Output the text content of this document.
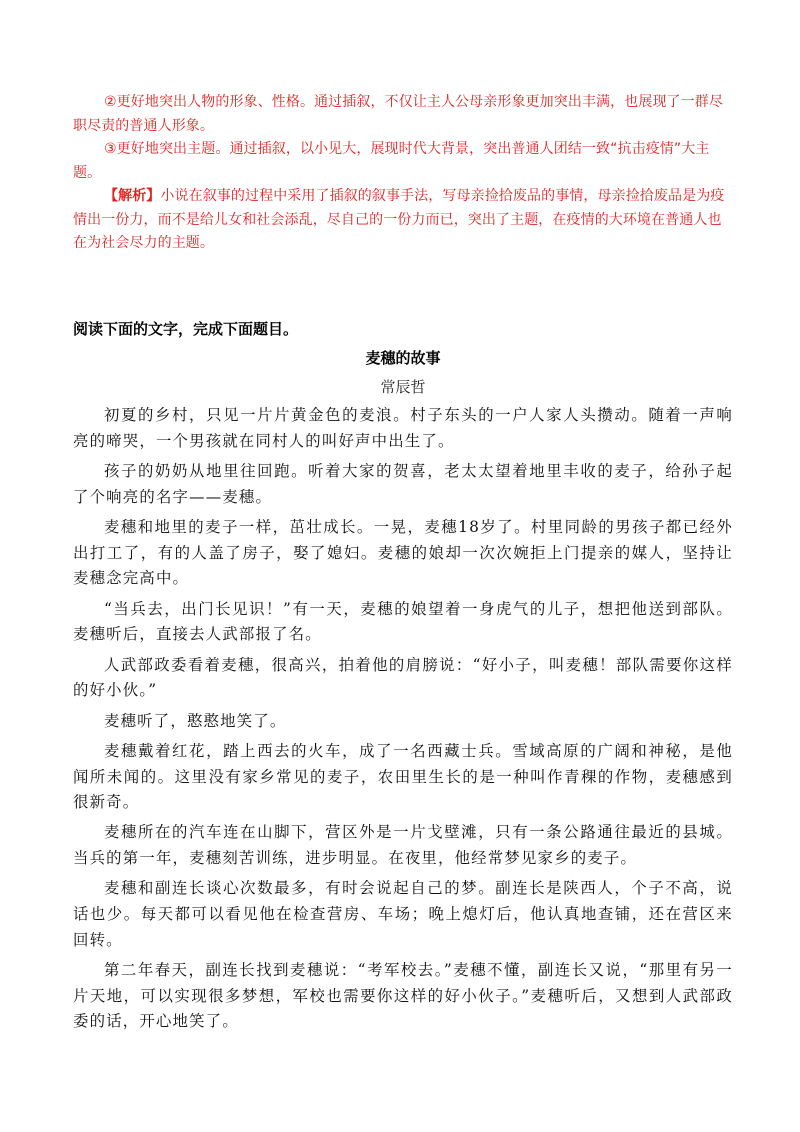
②更好地突出人物的形象、性格。通过插叙，不仅让主人公母亲形象更加突出丰满，也展现了一群尽职尽责的普通人形象。

③更好地突出主题。通过插叙，以小见大，展现时代大背景，突出普通人团结一致“抗击疫情”大主题。

【解析】小说在叙事的过程中采用了插叙的叙事手法，写母亲捡拾废品的事情，母亲捡拾废品是为疫情出一份力，而不是给儿女和社会添乱，尽自己的一份力而已，突出了主题，在疫情的大环境在普通人也在为社会尽力的主题。

阅读下面的文字，完成下面题目。

麦穗的故事

常辰哲

初夏的乡村，只见一片片黄金色的麦浪。村子东头的一户人家人头攒动。随着一声响亮的啼哭，一个男孩就在同村人的叫好声中出生了。

孩子的奶奶从地里往回跑。听着大家的贺喜，老太太望着地里丰收的麦子，给孙子起了个响亮的名字——麦穗。

麦穗和地里的麦子一样，茁壮成长。一晃，麦穗18岁了。村里同龄的男孩子都已经外出打工了，有的人盖了房子，娶了媳妇。麦穗的娘却一次次婉拒上门提亲的媒人，坚持让麦穗念完高中。

“当兵去，出门长见识！”有一天，麦穗的娘望着一身虎气的儿子，想把他送到部队。麦穗听后，直接去人武部报了名。

人武部政委看着麦穗，很高兴，拍着他的肩膀说：“好小子，叫麦穗！部队需要你这样的好小伙。”

麦穗听了，憨憨地笑了。

麦穗戴着红花，踏上西去的火车，成了一名西藏士兵。雪域高原的广阔和神秘，是他闻所未闻的。这里没有家乡常见的麦子，农田里生长的是一种叫作青稞的作物，麦穗感到很新奇。

麦穗所在的汽车连在山脚下，营区外是一片戈壁滩，只有一条公路通往最近的县城。当兵的第一年，麦穗刻苦训练，进步明显。在夜里，他经常梦见家乡的麦子。

麦穗和副连长谈心次数最多，有时会说起自己的梦。副连长是陕西人，个子不高，说话也少。每天都可以看见他在检查营房、车场；晚上熄灯后，他认真地查铺，还在营区来回转。

第二年春天，副连长找到麦穗说：“考军校去。”麦穗不懂，副连长又说，“那里有另一片天地，可以实现很多梦想，军校也需要你这样的好小伙子。”麦穗听后，又想到人武部政委的话，开心地笑了。
